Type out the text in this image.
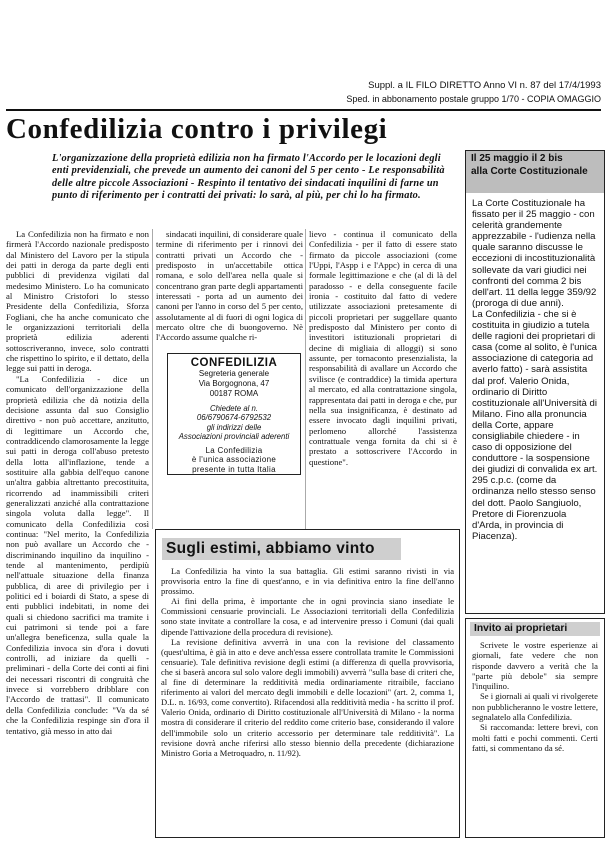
Suppl. a IL FILO DIRETTO Anno VI n. 87 del 17/4/1993
Sped. in abbonamento postale gruppo 1/70 - COPIA OMAGGIO
Confedilizia contro i privilegi
L'organizzazione della proprietà edilizia non ha firmato l'Accordo per le locazioni degli enti previdenziali, che prevede un aumento dei canoni del 5 per cento - Le responsabilità delle altre piccole Associazioni - Respinto il tentativo dei sindacati inquilini di farne un punto di riferimento per i contratti dei privati: lo sarà, al più, per chi lo ha firmato.

La Confedilizia non ha firmato e non firmerà l'Accordo nazionale predisposto dal Ministero del Lavoro per la stipula dei patti in deroga da parte degli enti pubblici di previdenza vigilati dal medesimo Ministero. Lo ha comunicato al Ministro Cristofori lo stesso Presidente della Confedilizia, Sforza Fogliani, che ha anche comunicato che le organizzazioni territoriali della proprietà edilizia aderenti sottoscriveranno, invece, solo contratti che rispettino lo spirito, e il dettato, della legge sui patti in deroga.

"La Confedilizia - dice un comunicato dell'organizzazione della proprietà edilizia che dà notizia della decisione assunta dal suo Consiglio direttivo - non può accettare, anzitutto, di legittimare un Accordo che, contraddicendo clamorosamente la legge sui patti in deroga coll'abuso pretesto della lotta all'inflazione, tende a sostituire alla gabbia dell'equo canone un'altra gabbia altrettanto precostituita, ricorrendo ad inammissibili criteri generalizzati anziché alla contrattazione singola voluta dalla legge". Il comunicato della Confedilizia così continua: "Nel merito, la Confedilizia non può avallare un Accordo che - discriminando inquilino da inquilino - tende al mantenimento, perdipiù nell'attuale situazione della finanza pubblica, di aree di privilegio per i politici ed i boiardi di Stato, a spese di enti pubblici indebitati, in nome dei quali si chiedono sacrifici ma tramite i cui patrimoni si tende poi a fare un'allegra beneficenza, sulla quale la Confedilizia invoca sin d'ora i dovuti controlli, ad iniziare da quelli - preliminari - della Corte dei conti ai fini dei necessari riscontri di congruità che invece si vorrebbero dribblare con l'Accordo de trattasi". Il comunicato della Confedilizia conclude: "Va da sé che la Confedilizia respinge sin d'ora il tentativo, già messo in atto dai

sindacati inquilini, di considerare quale termine di riferimento per i rinnovi dei contratti privati un Accordo che - predisposto in un'accettabile ottica romana, e solo dell'area nella quale si concentrano gran parte degli appartamenti interessati - porta ad un aumento dei canoni per l'anno in corso del 5 per cento, assolutamente al di fuori di ogni logica di mercato oltre che di buongoverno. Nè l'Accordo assume qualche ri-

lievo - continua il comunicato della Confedilizia - per il fatto di essere stato firmato da piccole associazioni (come l'Uppi, l'Aspp i e l'Appc) in cerca di una formale legittimazione e che (al di là del paradosso - e della conseguente facile ironia - costituito dal fatto di vedere utilizzate associazioni pretesamente di piccoli proprietari per suggellare quanto predisposto dal Ministero per conto di investitori istituzionali proprietari di decine di migliaia di alloggi) si sono assunte, per tornaconto presenzialista, la responsabilità di avallare un Accordo che svilisce (e contraddice) la timida apertura al mercato, ed alla contrattazione singola, rappresentata dai patti in deroga e che, pur nella sua insignificanza, è destinato ad essere invocato dagli inquilini privati, perlomeno allorché l'assistenza contrattuale venga fornita da chi si è prestato a sottoscrivere l'Accordo in questione".

CONFEDILIZIA
Segreteria generale
Via Borgognona, 47
00187 ROMA
Chiedete al n.
06/6790674-6792532
gli indirizzi delle
Associazioni provinciali aderenti
La Confedilizia
è l'unica associazione
presente in tutta Italia
Il 25 maggio il 2 bis
alla Corte Costituzionale

La Corte Costituzionale ha fissato per il 25 maggio - con celerità grandemente apprezzabile - l'udienza nella quale saranno discusse le eccezioni di incostituzionalità sollevate da vari giudici nei confronti del comma 2 bis dell'art. 11 della legge 359/92 (proroga di due anni).

La Confedilizia - che si è costituita in giudizio a tutela delle ragioni dei proprietari di casa (come al solito, è l'unica associazione di categoria ad averlo fatto) - sarà assistita dal prof. Valerio Onida, ordinario di Diritto costituzionale all'Università di Milano. Fino alla pronuncia della Corte, appare consigliabile chiedere - in caso di opposizione del conduttore - la sospensione dei giudizi di convalida ex art. 295 c.p.c. (come da ordinanza nello stesso senso del dott. Paolo Sangiuolo, Pretore di Fiorenzuola d'Arda, in provincia di Piacenza).

Sugli estimi, abbiamo vinto

La Confedilizia ha vinto la sua battaglia. Gli estimi saranno rivisti in via provvisoria entro la fine di quest'anno, e in via definitiva entro la fine dell'anno prossimo.

Ai fini della prima, è importante che in ogni provincia siano insediate le Commissioni censuarie provinciali. Le Associazioni territoriali della Confedilizia sono state invitate a controllare la cosa, e ad intervenire presso i Comuni (dai quali dipende l'attivazione della procedura di revisione).

La revisione definitiva avverrà in una con la revisione del classamento (quest'ultima, è già in atto e deve anch'essa essere controllata tramite le Commissioni censuarie). Tale definitiva revisione degli estimi (a differenza di quella provvisoria, che si baserà ancora sul solo valore degli immobili) avverrà "sulla base di criteri che, al fine di determinare la redditività media ordinariamente ritraibile, facciano riferimento ai valori del mercato degli immobili e delle locazioni" (art. 2, comma 1, D.L. n. 16/93, come convertito). Rifacendosi alla redditività media - ha scritto il prof. Valerio Onida, ordinario di Diritto costituzionale all'Università di Milano - la norma mostra di considerare il criterio del reddito come criterio base, considerando il valore dell'immobile solo un criterio accessorio per determinare tale redditività". La revisione dovrà anche riferirsi allo stesso biennio della precedente (dichiarazione Ministro Goria a Metroquadro, n. 11/92).

Invito ai proprietari

Scrivete le vostre esperienze ai giornali, fate vedere che non risponde davvero a verità che la "parte più debole" sia sempre l'inquilino.

Se i giornali ai quali vi rivolgerete non pubblicheranno le vostre lettere, segnalatelo alla Confedilizia.

Si raccomanda: lettere brevi, con molti fatti e pochi commenti. Certi fatti, si commentano da sé.
